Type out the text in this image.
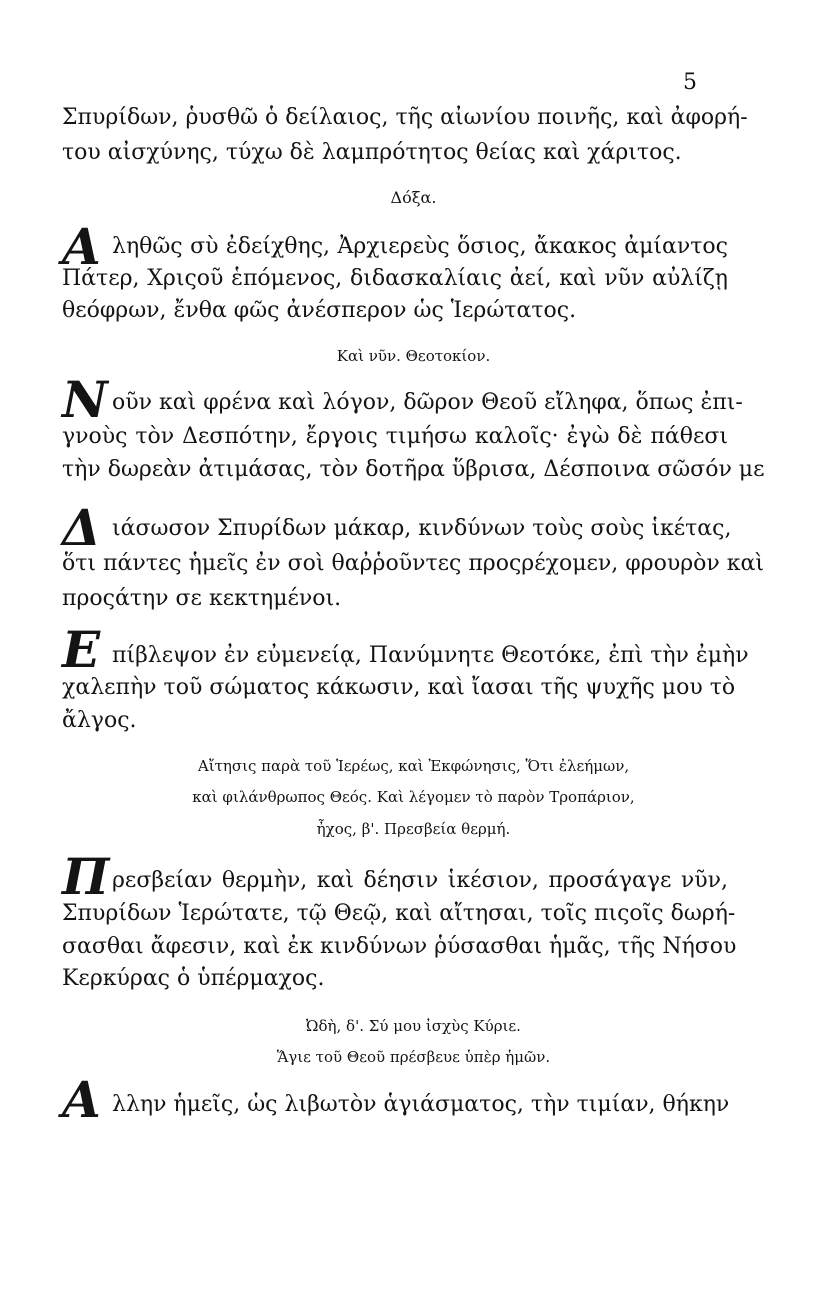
5
Σπυρίδων, ῥυσθῶ ὁ δείλαιος, τῆς αἰωνίου ποινῆς, καὶ ἀφορή-
του αἰσχύνης, τύχω δὲ λαμπρότητος θείας καὶ χάριτος.
Δόξα.
Α ληθῶς σὺ ἐδείχθης, Ἀρχιερεὺς ὅσιος, ἄκακος ἀμίαντος
Πάτερ, Χριςοῦ ἑπόμενος, διδασκαλίαις ἀεί, καὶ νῦν αὐλίζῃ
θεόφρων, ἔνθα φῶς ἀνέσπερον ὡς Ἱερώτατος.
Καὶ νῦν. Θεοτοκίον.
Ν οῦν καὶ φρένα καὶ λόγον, δῶρον Θεοῦ εἴληφα, ὅπως ἐπι-
γνοὺς τὸν Δεσπότην, ἔργοις τιμήσω καλοῖς· ἐγὼ δὲ πάθεσι
τὴν δωρεὰν ἀτιμάσας, τὸν δοτῆρα ὕβρισα, Δέσποινα σῶσόν με
Δ ιάσωσον Σπυρίδων μάκαρ, κινδύνων τοὺς σοὺς ἱκέτας,
ὅτι πάντες ἡμεῖς ἐν σοὶ θαῤῥοῦντες προςρέχομεν, φρουρὸν καὶ
προςάτην σε κεκτημένοι.
Ε πίβλεψον ἐν εὐμενείᾳ, Πανύμνητε Θεοτόκε, ἐπὶ τὴν ἐμὴν
χαλεπὴν τοῦ σώματος κάκωσιν, καὶ ἴασαι τῆς ψυχῆς μου τὸ
ἄλγος.
Αἴτησις παρὰ τοῦ Ἱερέως, καὶ Ἐκφώνησις, Ὅτι ἐλεήμων,
καὶ φιλάνθρωπος Θεός. Καὶ λέγομεν τὸ παρὸν Τροπάριον,
ἦχος, β'. Πρεσβεία θερμή.
Π ρεσβείαν θερμὴν, καὶ δέησιν ἱκέσιον, προσάγαγε νῦν,
Σπυρίδων Ἱερώτατε, τῷ Θεῷ, καὶ αἴτησαι, τοῖς πιςοῖς δωρή-
σασθαι ἄφεσιν, καὶ ἐκ κινδύνων ῥύσασθαι ἡμᾶς, τῆς Νήσου
Κερκύρας ὁ ὑπέρμαχος.
Ὠδὴ, δ'. Σύ μου ἰσχὺς Κύριε.
Ἅγιε τοῦ Θεοῦ πρέσβευε ὑπὲρ ἡμῶν.
Α λλην ἡμεῖς, ὡς λιβωτὸν ἁγιάσματος, τὴν τιμίαν, θήκην
